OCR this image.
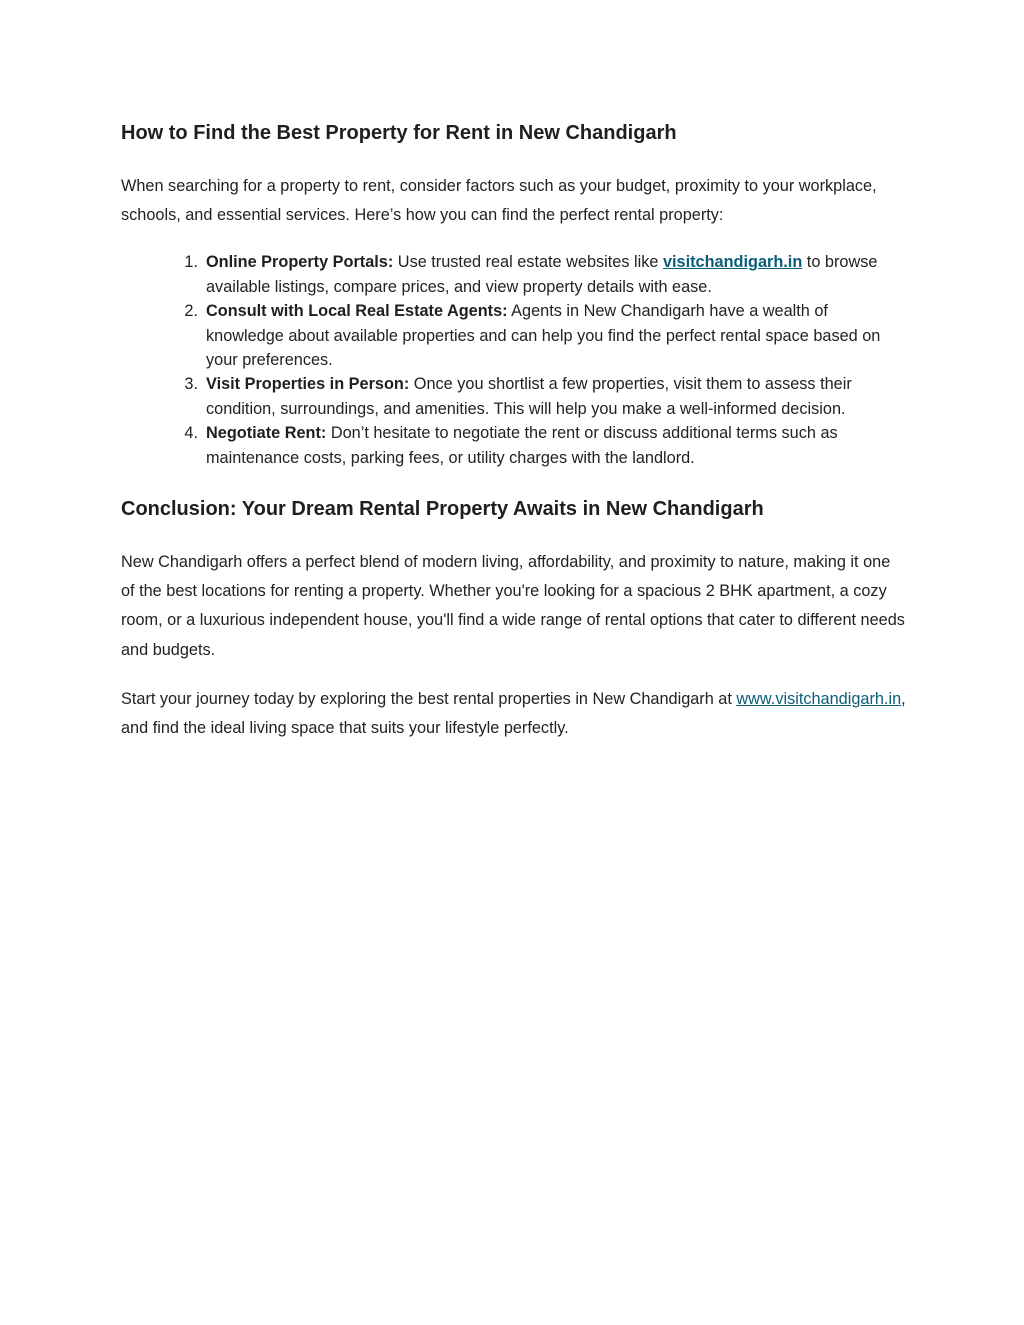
How to Find the Best Property for Rent in New Chandigarh

When searching for a property to rent, consider factors such as your budget, proximity to your workplace, schools, and essential services. Here’s how you can find the perfect rental property:

1. Online Property Portals: Use trusted real estate websites like visitchandigarh.in to browse available listings, compare prices, and view property details with ease.
2. Consult with Local Real Estate Agents: Agents in New Chandigarh have a wealth of knowledge about available properties and can help you find the perfect rental space based on your preferences.
3. Visit Properties in Person: Once you shortlist a few properties, visit them to assess their condition, surroundings, and amenities. This will help you make a well-informed decision.
4. Negotiate Rent: Don’t hesitate to negotiate the rent or discuss additional terms such as maintenance costs, parking fees, or utility charges with the landlord.
Conclusion: Your Dream Rental Property Awaits in New Chandigarh

New Chandigarh offers a perfect blend of modern living, affordability, and proximity to nature, making it one of the best locations for renting a property. Whether you're looking for a spacious 2 BHK apartment, a cozy room, or a luxurious independent house, you'll find a wide range of rental options that cater to different needs and budgets.

Start your journey today by exploring the best rental properties in New Chandigarh at www.visitchandigarh.in, and find the ideal living space that suits your lifestyle perfectly.
